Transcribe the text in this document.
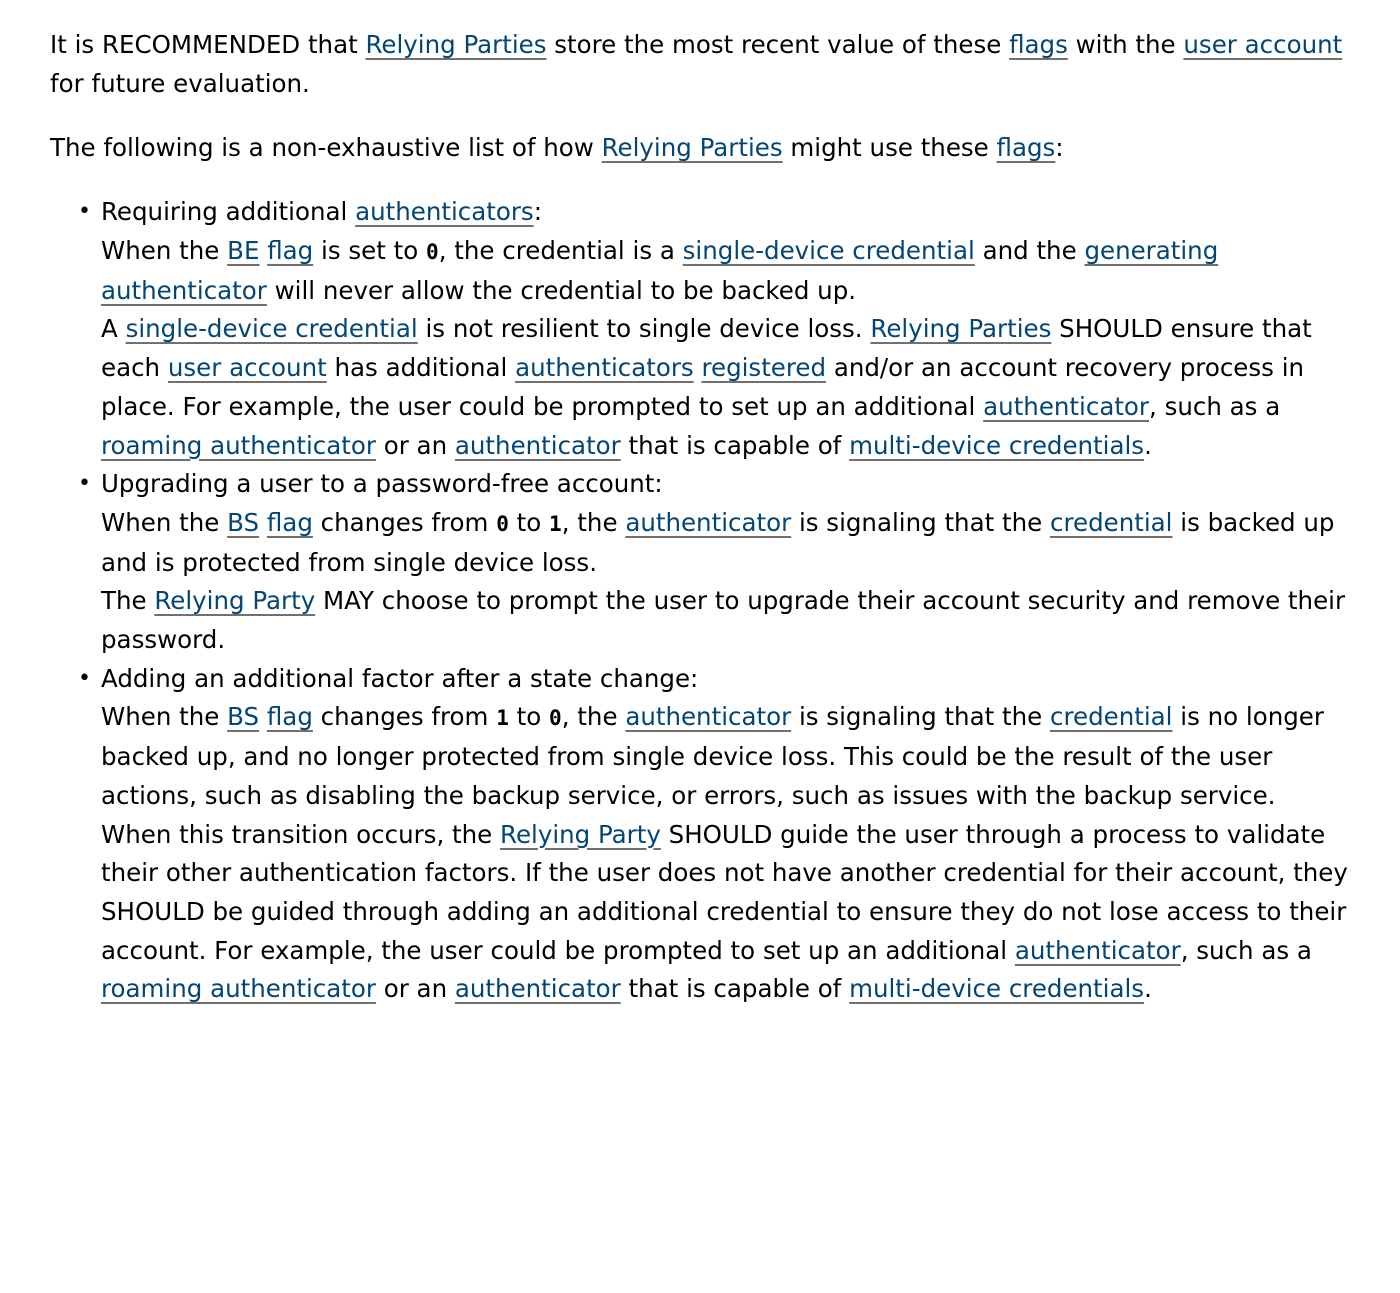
It is RECOMMENDED that Relying Parties store the most recent value of these flags with the user account for future evaluation.

The following is a non-exhaustive list of how Relying Parties might use these flags:

• Requiring additional authenticators:

When the BE flag is set to 0, the credential is a single-device credential and the generating authenticator will never allow the credential to be backed up.

A single-device credential is not resilient to single device loss. Relying Parties SHOULD ensure that each user account has additional authenticators registered and/or an account recovery process in place. For example, the user could be prompted to set up an additional authenticator, such as a roaming authenticator or an authenticator that is capable of multi-device credentials.

• Upgrading a user to a password-free account:

When the BS flag changes from 0 to 1, the authenticator is signaling that the credential is backed up and is protected from single device loss.

The Relying Party MAY choose to prompt the user to upgrade their account security and remove their password.

• Adding an additional factor after a state change:

When the BS flag changes from 1 to 0, the authenticator is signaling that the credential is no longer backed up, and no longer protected from single device loss. This could be the result of the user actions, such as disabling the backup service, or errors, such as issues with the backup service.

When this transition occurs, the Relying Party SHOULD guide the user through a process to validate their other authentication factors. If the user does not have another credential for their account, they SHOULD be guided through adding an additional credential to ensure they do not lose access to their account. For example, the user could be prompted to set up an additional authenticator, such as a roaming authenticator or an authenticator that is capable of multi-device credentials.
